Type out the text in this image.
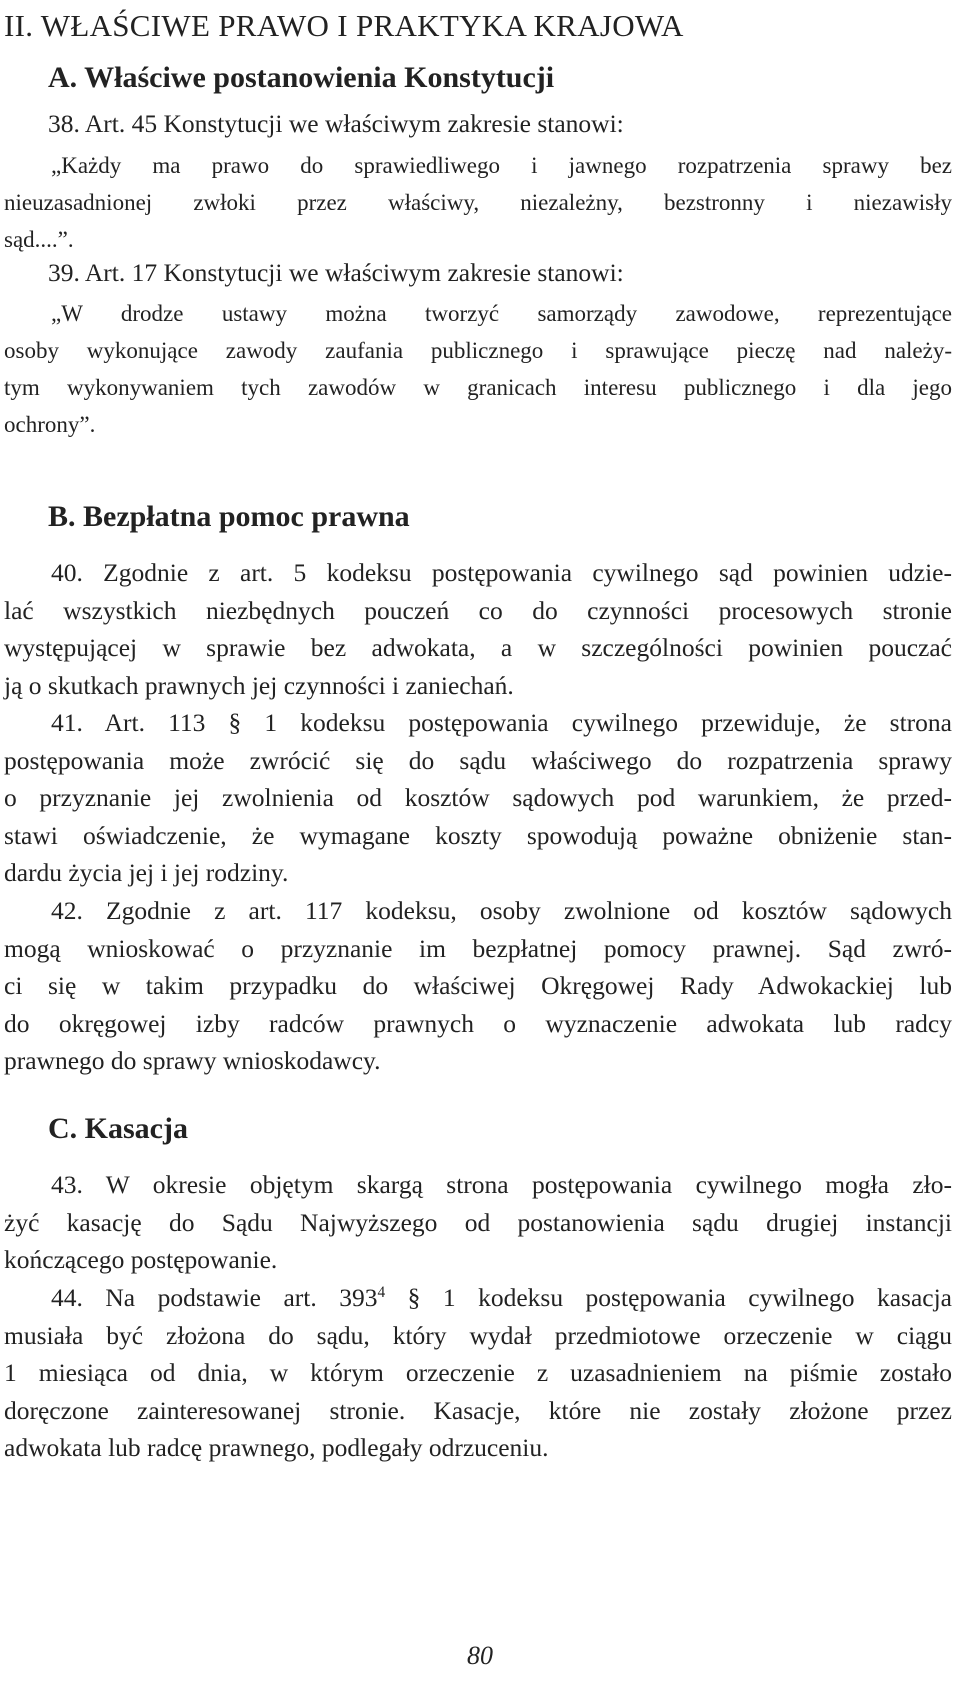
II. WŁAŚCIWE PRAWO I PRAKTYKA KRAJOWA
A. Właściwe postanowienia Konstytucji
38. Art. 45 Konstytucji we właściwym zakresie stanowi:
„Każdy ma prawo do sprawiedliwego i jawnego rozpatrzenia sprawy bez
nieuzasadnionej zwłoki przez właściwy, niezależny, bezstronny i niezawisły
sąd....”.
39. Art. 17 Konstytucji we właściwym zakresie stanowi:
„W drodze ustawy można tworzyć samorządy zawodowe, reprezentujące
osoby wykonujące zawody zaufania publicznego i sprawujące pieczę nad należy-
tym wykonywaniem tych zawodów w granicach interesu publicznego i dla jego
ochrony”.
B. Bezpłatna pomoc prawna
40. Zgodnie z art. 5 kodeksu postępowania cywilnego sąd powinien udzie-
lać wszystkich niezbędnych pouczeń co do czynności procesowych stronie
występującej w sprawie bez adwokata, a w szczególności powinien pouczać
ją o skutkach prawnych jej czynności i zaniechań.
41. Art. 113 § 1 kodeksu postępowania cywilnego przewiduje, że strona
postępowania może zwrócić się do sądu właściwego do rozpatrzenia sprawy
o przyznanie jej zwolnienia od kosztów sądowych pod warunkiem, że przed-
stawi oświadczenie, że wymagane koszty spowodują poważne obniżenie stan-
dardu życia jej i jej rodziny.
42. Zgodnie z art. 117 kodeksu, osoby zwolnione od kosztów sądowych
mogą wnioskować o przyznanie im bezpłatnej pomocy prawnej. Sąd zwró-
ci się w takim przypadku do właściwej Okręgowej Rady Adwokackiej lub
do okręgowej izby radców prawnych o wyznaczenie adwokata lub radcy
prawnego do sprawy wnioskodawcy.
C. Kasacja
43. W okresie objętym skargą strona postępowania cywilnego mogła zło-
żyć kasację do Sądu Najwyższego od postanowienia sądu drugiej instancji
kończącego postępowanie.
44. Na podstawie art. $393^4$ § 1 kodeksu postępowania cywilnego kasacja
musiała być złożona do sądu, który wydał przedmiotowe orzeczenie w ciągu
1 miesiąca od dnia, w którym orzeczenie z uzasadnieniem na piśmie zostało
doręczone zainteresowanej stronie. Kasacje, które nie zostały złożone przez
adwokata lub radcę prawnego, podlegały odrzuceniu.
80
